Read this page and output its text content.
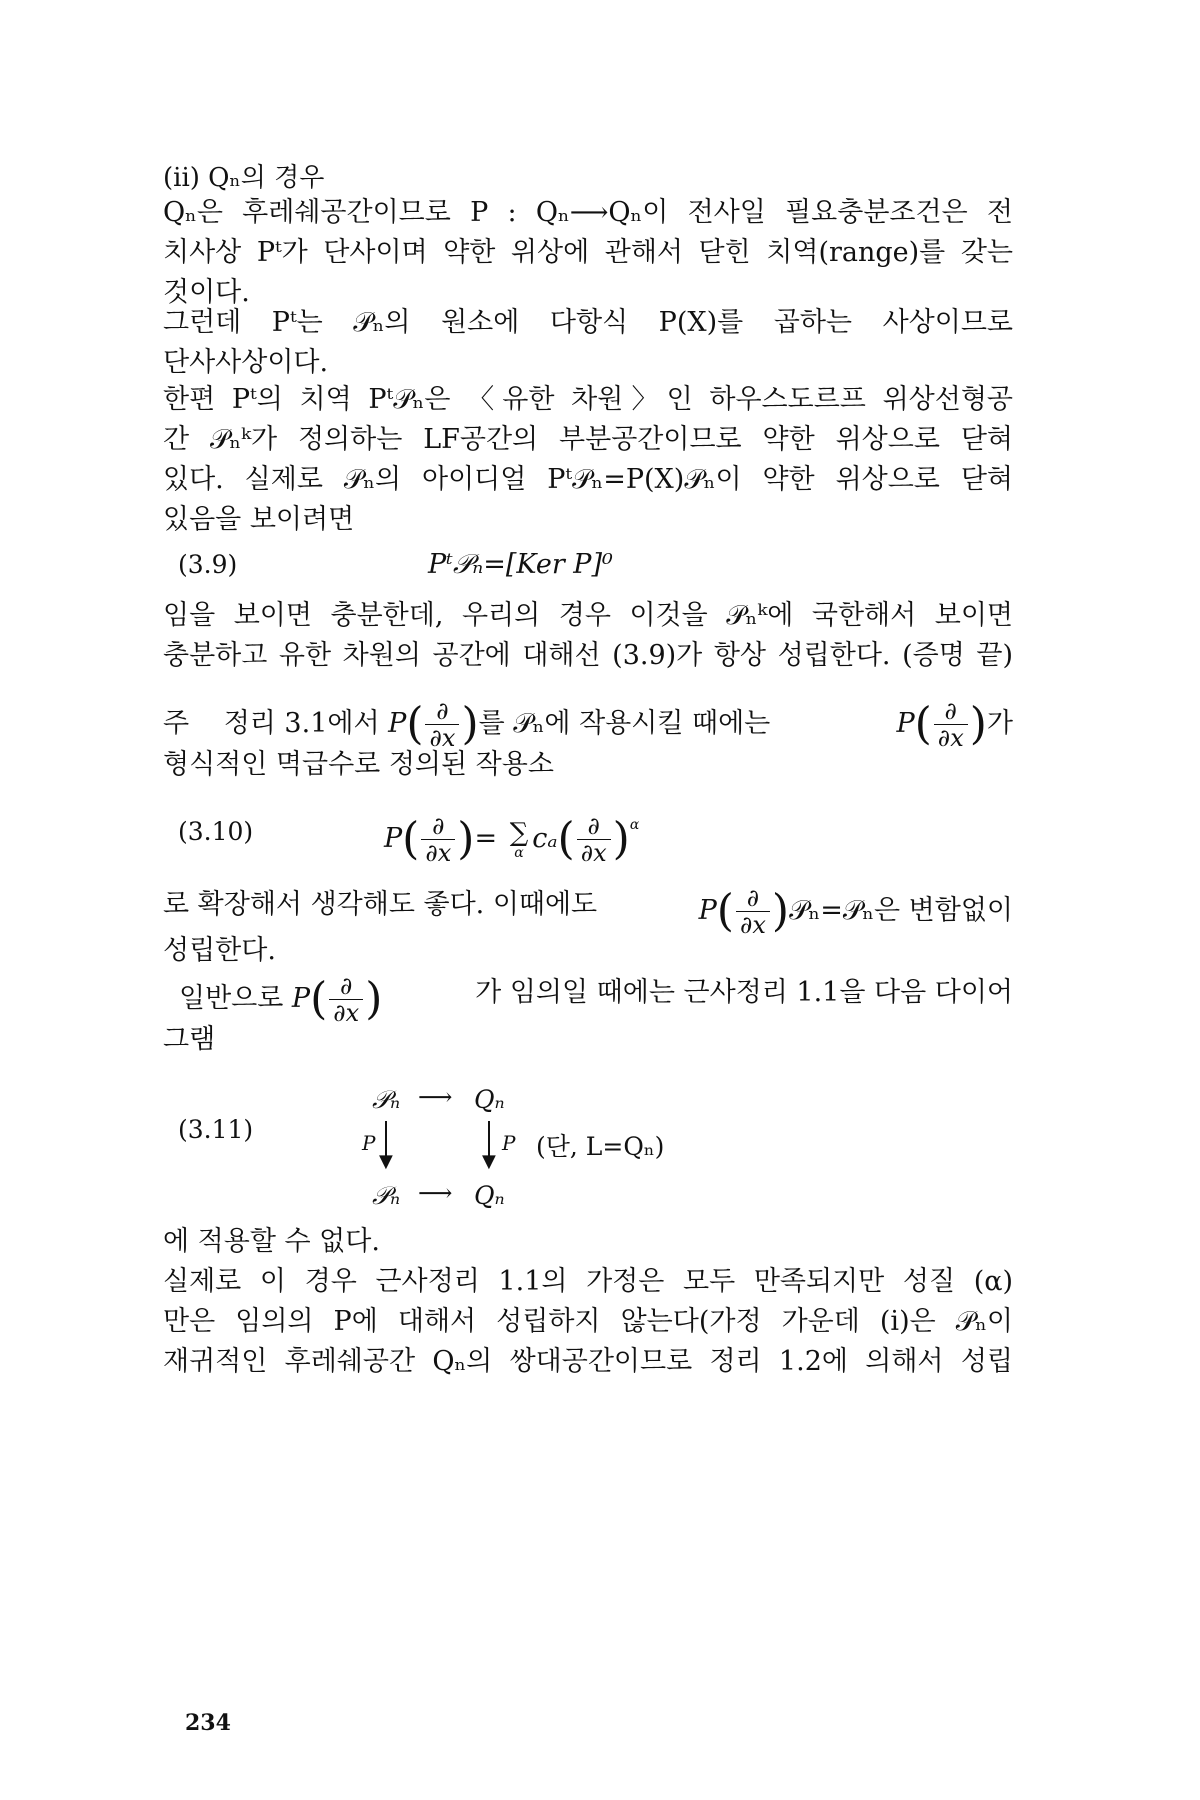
(ii) Qₙ의 경우
Qₙ은 후레쉐공간이므로 P : Qₙ⟶Qₙ이 전사일 필요충분조건은 전
치사상 Pᵗ가 단사이며 약한 위상에 관해서 닫힌 치역(range)를 갖는
것이다.
그런데 Pᵗ는 𝒫ₙ의 원소에 다항식 P(X)를 곱하는 사상이므로
단사사상이다.
한편 Pᵗ의 치역 Pᵗ𝒫ₙ은 〈유한 차원〉인 하우스도르프 위상선형공
간 𝒫ₙᵏ가 정의하는 LF공간의 부분공간이므로 약한 위상으로 닫혀
있다. 실제로 𝒫ₙ의 아이디얼 Pᵗ𝒫ₙ=P(X)𝒫ₙ이 약한 위상으로 닫혀
있음을 보이려면
(3.9)	Pᵗ𝒫ₙ=[Ker P]⁰
임을 보이면 충분한데, 우리의 경우 이것을 𝒫ₙᵏ에 국한해서 보이면
충분하고 유한 차원의 공간에 대해선 (3.9)가 항상 성립한다. (증명 끝)
주 정리 3.1에서 $P( \frac{\partial}{\partial x}$ )를 𝒫ₙ에 작용시킬 때에는	$P( \frac{\partial}{\partial x}$ )가
형식적인 멱급수로 정의된 작용소
(3.10)	$P( \frac{\partial}{\partial x}$ )= ∑
α $c_a( \frac{\partial}{\partial x} )^\alpha$
로 확장해서 생각해도 좋다. 이때에도	$P( \frac{\partial}{\partial x}$ )𝒫ₙ=𝒫ₙ은 변함없이
성립한다.
일반으로 $P( \frac{\partial}{\partial x}$ )	가 임의일 때에는 근사정리 1.1을 다음 다이어
그램
(3.11)
𝒫ₙ ⟶ Qₙ
P
▼	▼
P (단, L=Qₙ)
𝒫ₙ ⟶ Qₙ
에 적용할 수 없다.
실제로 이 경우 근사정리 1.1의 가정은 모두 만족되지만 성질 (α)
만은 임의의 P에 대해서 성립하지 않는다(가정 가운데 (i)은 𝒫ₙ이
재귀적인 후레쉐공간 Qₙ의 쌍대공간이므로 정리 1.2에 의해서 성립
234
